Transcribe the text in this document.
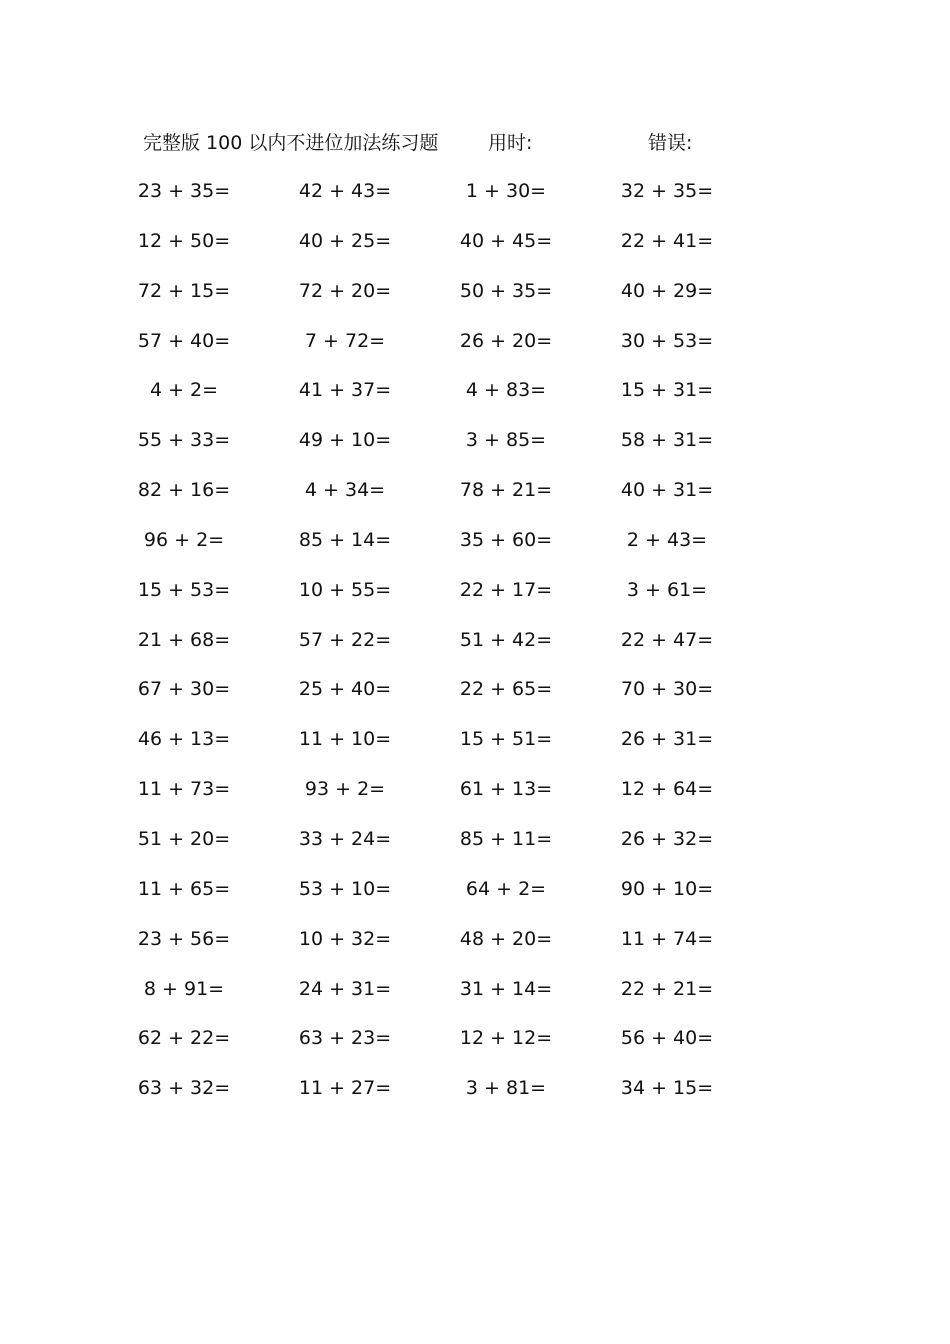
完整版 100 以内不进位加法练习题	用时:	错误:
23 + 35=	42 + 43=	1 + 30=	32 + 35=
12 + 50=	40 + 25=	40 + 45=	22 + 41=
72 + 15=	72 + 20=	50 + 35=	40 + 29=
57 + 40=	7 + 72=	26 + 20=	30 + 53=
4 + 2=	41 + 37=	4 + 83=	15 + 31=
55 + 33=	49 + 10=	3 + 85=	58 + 31=
82 + 16=	4 + 34=	78 + 21=	40 + 31=
96 + 2=	85 + 14=	35 + 60=	2 + 43=
15 + 53=	10 + 55=	22 + 17=	3 + 61=
21 + 68=	57 + 22=	51 + 42=	22 + 47=
67 + 30=	25 + 40=	22 + 65=	70 + 30=
46 + 13=	11 + 10=	15 + 51=	26 + 31=
11 + 73=	93 + 2=	61 + 13=	12 + 64=
51 + 20=	33 + 24=	85 + 11=	26 + 32=
11 + 65=	53 + 10=	64 + 2=	90 + 10=
23 + 56=	10 + 32=	48 + 20=	11 + 74=
8 + 91=	24 + 31=	31 + 14=	22 + 21=
62 + 22=	63 + 23=	12 + 12=	56 + 40=
63 + 32=	11 + 27=	3 + 81=	34 + 15=
